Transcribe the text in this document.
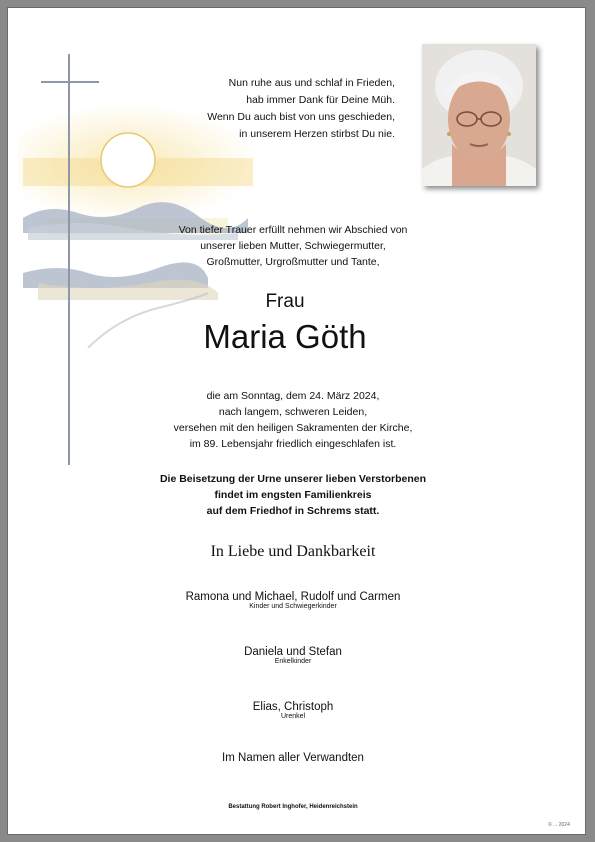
Nun ruhe aus und schlaf in Frieden,
hab immer Dank für Deine Müh.
Wenn Du auch bist von uns geschieden,
in unserem Herzen stirbst Du nie.
Von tiefer Trauer erfüllt nehmen wir Abschied von
unserer lieben Mutter, Schwiegermutter,
Großmutter, Urgroßmutter und Tante,
Frau
Maria Göth
die am Sonntag, dem 24. März 2024,
nach langem, schweren Leiden,
versehen mit den heiligen Sakramenten der Kirche,
im 89. Lebensjahr friedlich eingeschlafen ist.
Die Beisetzung der Urne unserer lieben Verstorbenen
findet im engsten Familienkreis
auf dem Friedhof in Schrems statt.
In Liebe und Dankbarkeit
Ramona und Michael, Rudolf und Carmen
Kinder und Schwiegerkinder
Daniela und Stefan
Enkelkinder
Elias, Christoph
Urenkel
Im Namen aller Verwandten
Bestattung Robert Inghofer, Heidenreichstein
© ... 2024
